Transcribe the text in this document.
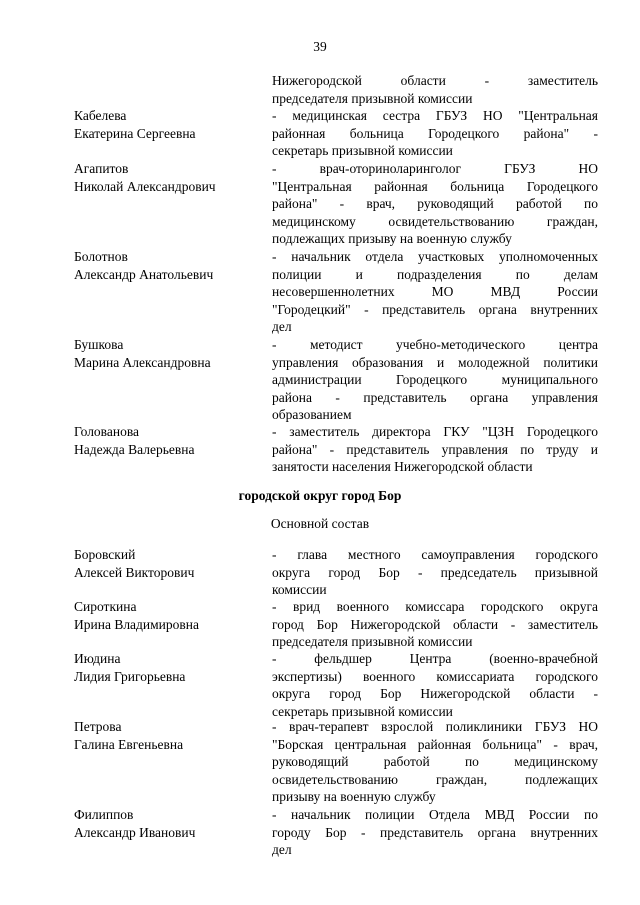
39
Нижегородской области - заместитель
председателя призывной комиссии
Кабелева
Екатерина Сергеевна
- медицинская сестра ГБУЗ НО "Центральная
районная больница Городецкого района" -
секретарь призывной комиссии
Агапитов
Николай Александрович
- врач-оториноларинголог ГБУЗ НО
"Центральная районная больница Городецкого
района" - врач, руководящий работой по
медицинскому освидетельствованию граждан,
подлежащих призыву на военную службу
Болотнов
Александр Анатольевич
- начальник отдела участковых уполномоченных
полиции и подразделения по делам
несовершеннолетних МО МВД России
"Городецкий" - представитель органа внутренних
дел
Бушкова
Марина Александровна
- методист учебно-методического центра
управления образования и молодежной политики
администрации Городецкого муниципального
района - представитель органа управления
образованием
Голованова
Надежда Валерьевна
- заместитель директора ГКУ "ЦЗН Городецкого
района" - представитель управления по труду и
занятости населения Нижегородской области
городской округ город Бор
Основной состав
Боровский
Алексей Викторович
- глава местного самоуправления городского
округа город Бор - председатель призывной
комиссии
Сироткина
Ирина Владимировна
- врид военного комиссара городского округа
город Бор Нижегородской области - заместитель
председателя призывной комиссии
Июдина
Лидия Григорьевна
- фельдшер Центра (военно-врачебной
экспертизы) военного комиссариата городского
округа город Бор Нижегородской области -
секретарь призывной комиссии
Петрова
Галина Евгеньевна
- врач-терапевт взрослой поликлиники ГБУЗ НО
"Борская центральная районная больница" - врач,
руководящий работой по медицинскому
освидетельствованию граждан, подлежащих
призыву на военную службу
Филиппов
Александр Иванович
- начальник полиции Отдела МВД России по
городу Бор - представитель органа внутренних
дел
